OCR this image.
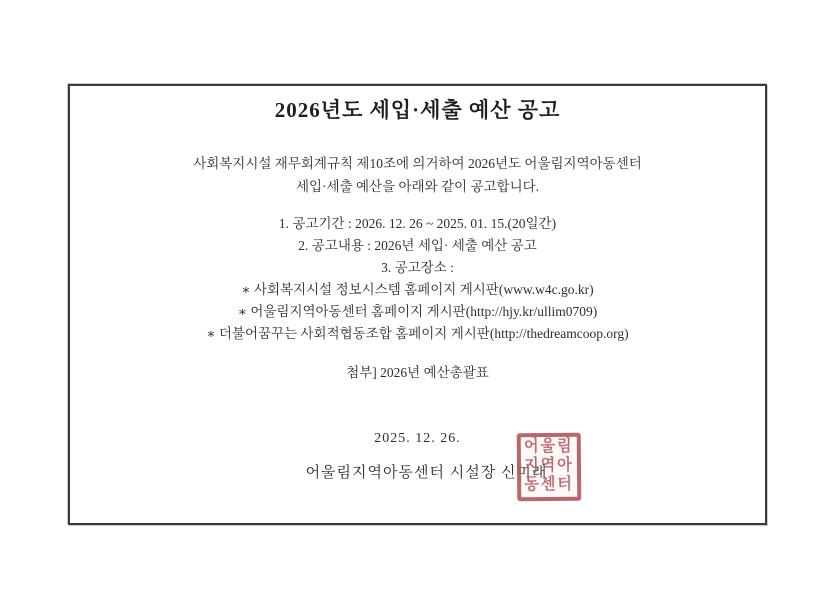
2026년도 세입·세출 예산 공고
사회복지시설 재무회계규칙 제10조에 의거하여 2026년도 어울림지역아동센터
세입·세출 예산을 아래와 같이 공고합니다.
1. 공고기간 : 2026. 12. 26 ~ 2025. 01. 15.(20일간)
2. 공고내용 : 2026년 세입· 세출 예산 공고
3. 공고장소 :
∗ 사회복지시설 정보시스템 홈페이지 게시판(www.w4c.go.kr)
∗ 어울림지역아동센터 홈페이지 게시판(http://hjy.kr/ullim0709)
∗ 더불어꿈꾸는 사회적협동조합 홈페이지 게시판(http://thedreamcoop.org)
첨부] 2026년 예산총괄표
2025. 12. 26.
어울림지역아동센터 시설장 신미래
어울림
지역아
동센터
